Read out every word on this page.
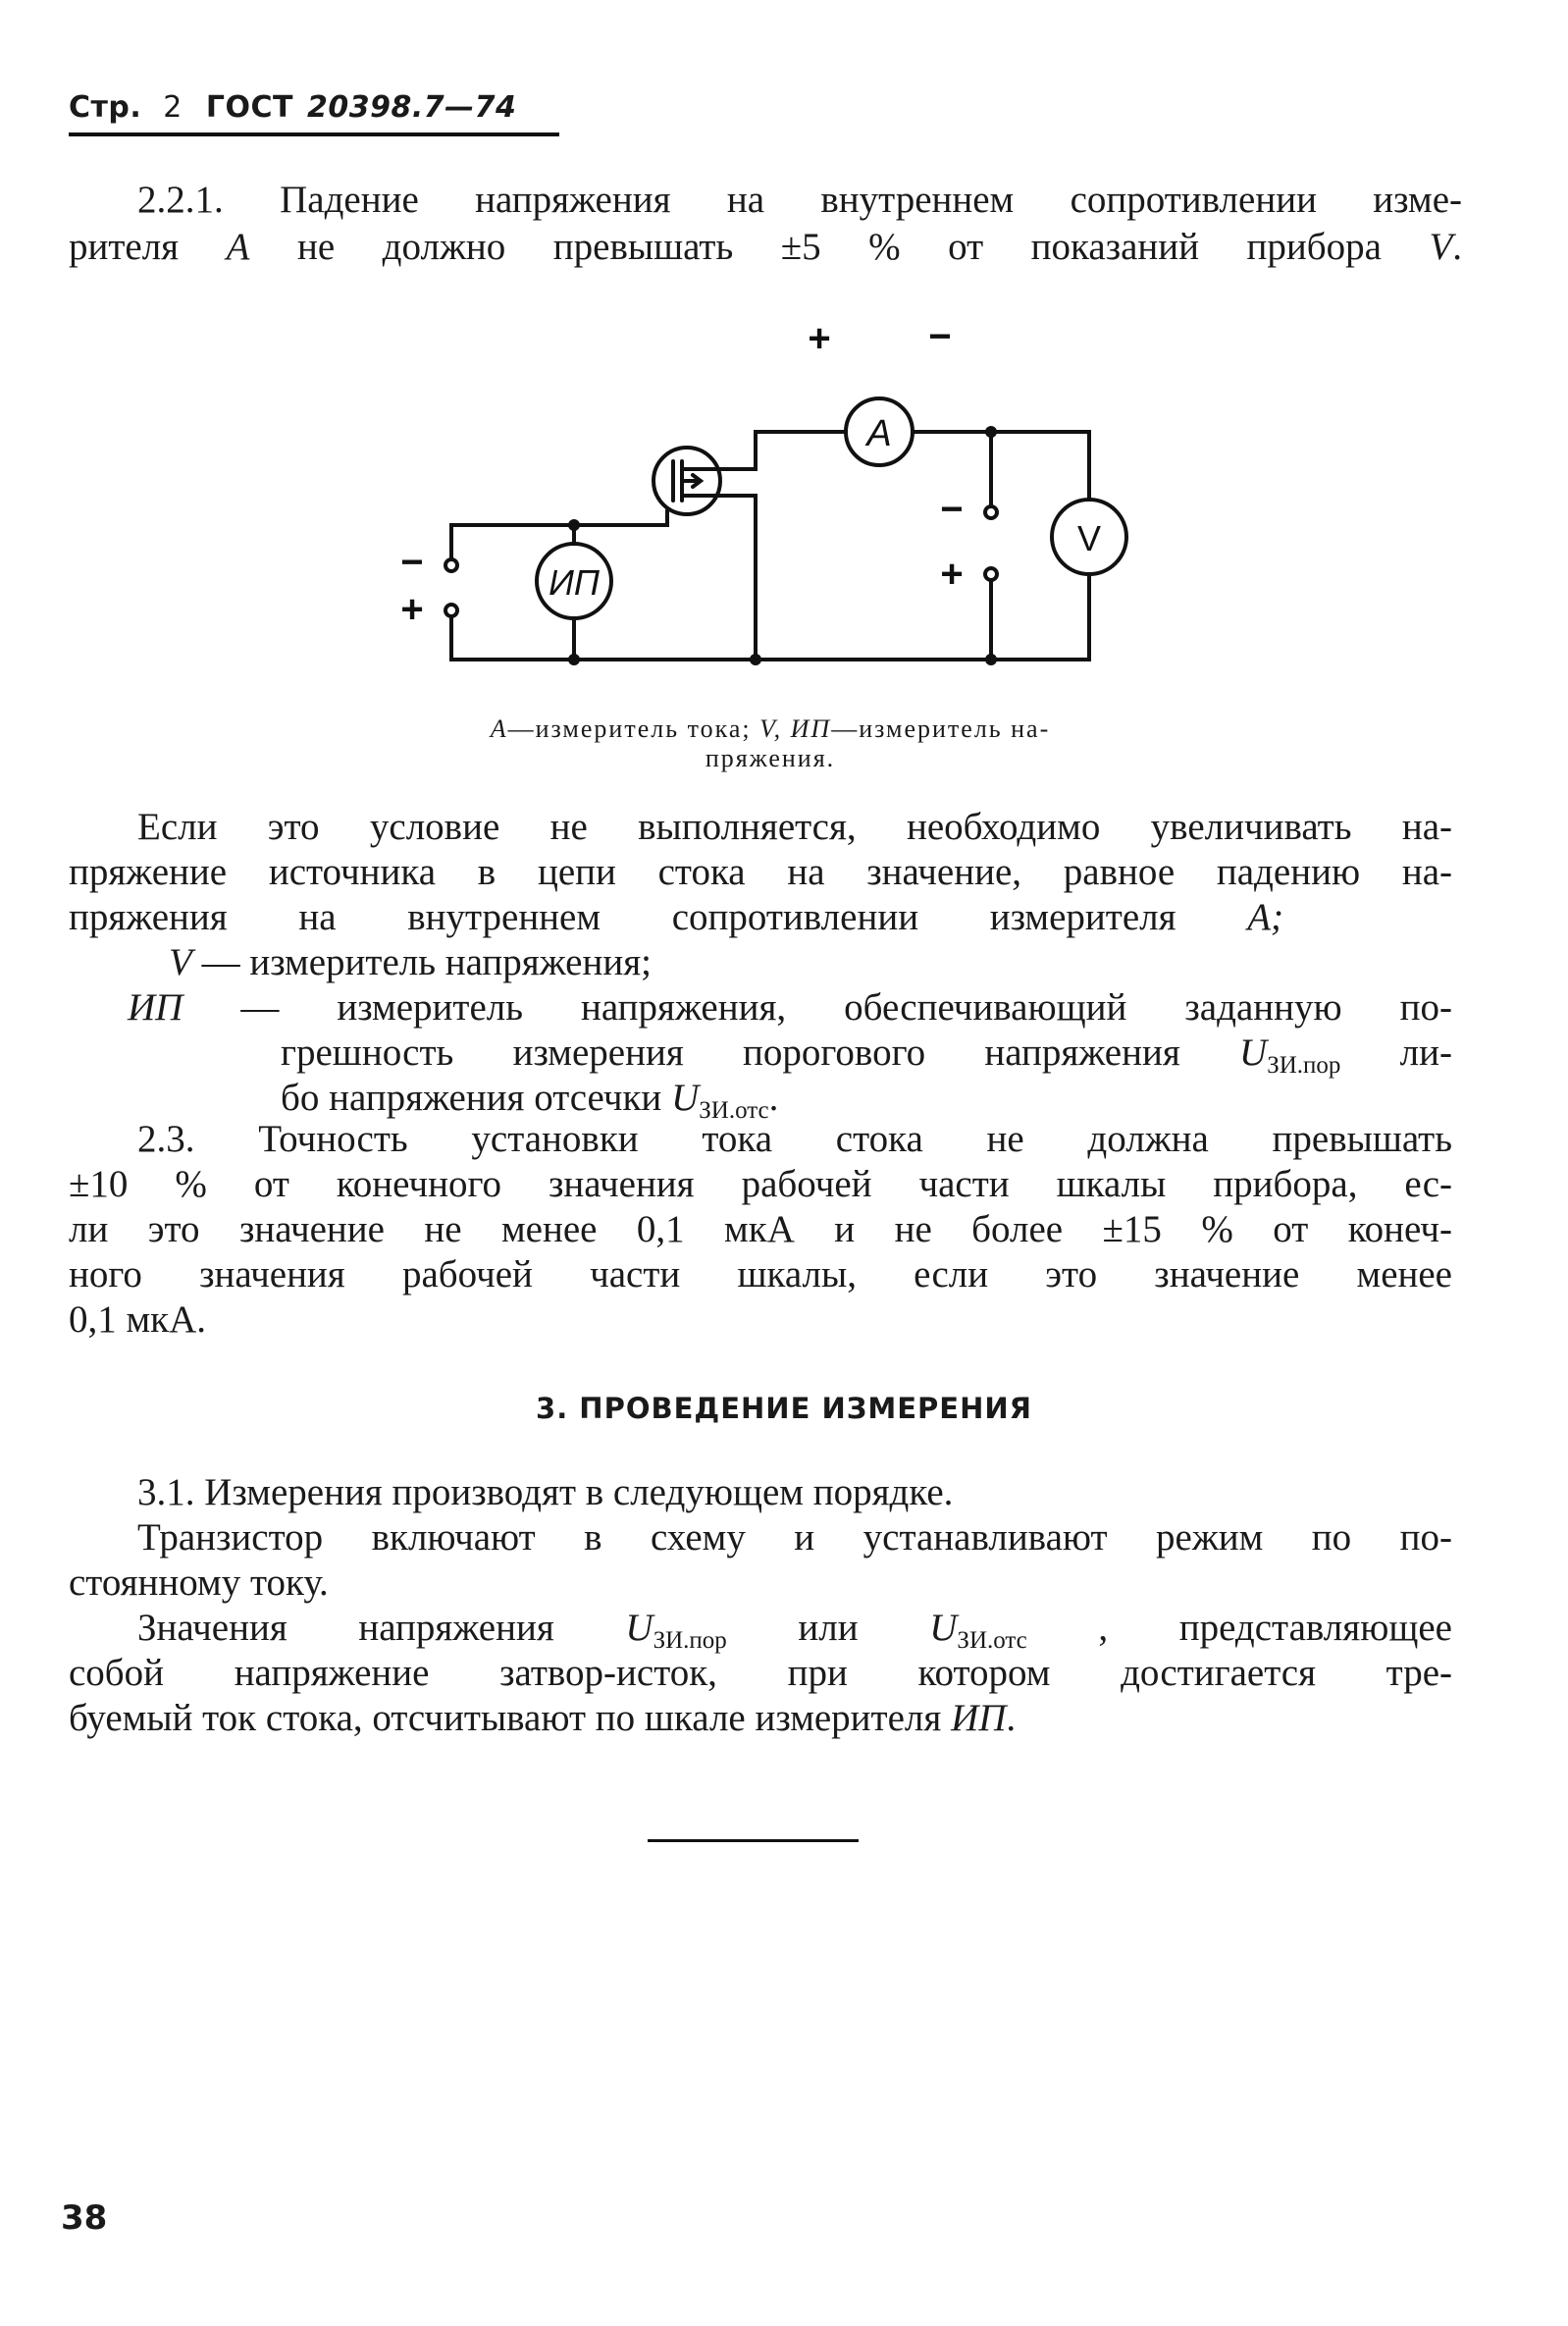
Стр. 2 ГОСТ 20398.7—74
2.2.1. Падение напряжения на внутреннем сопротивлении изме-
рителя А не должно превышать ±5 % от показаний прибора V.
+ −
А
V
ИП
−
+
−
+
А—измеритель тока; V, ИП—измеритель на-
пряжения.
Если это условие не выполняется, необходимо увеличивать на-
пряжение источника в цепи стока на значение, равное падению на-
пряжения на внутреннем сопротивлении измерителя А;
V — измеритель напряжения;
ИП — измеритель напряжения, обеспечивающий заданную по-
грешность измерения порогового напряжения $U_{ЗИ.пор}$ ли-
бо напряжения отсечки $U_{ЗИ.отс}$.
2.3. Точность установки тока стока не должна превышать
±10 % от конечного значения рабочей части шкалы прибора, ес-
ли это значение не менее 0,1 мкА и не более ±15 % от конеч-
ного значения рабочей части шкалы, если это значение менее
0,1 мкА.
3. ПРОВЕДЕНИЕ ИЗМЕРЕНИЯ
3.1. Измерения производят в следующем порядке.
Транзистор включают в схему и устанавливают режим по по-
стоянному току.
Значения напряжения $U_{ЗИ.пор}$ или $U_{ЗИ.отс}$ , представляющее
собой напряжение затвор-исток, при котором достигается тре-
буемый ток стока, отсчитывают по шкале измерителя ИП.
38
